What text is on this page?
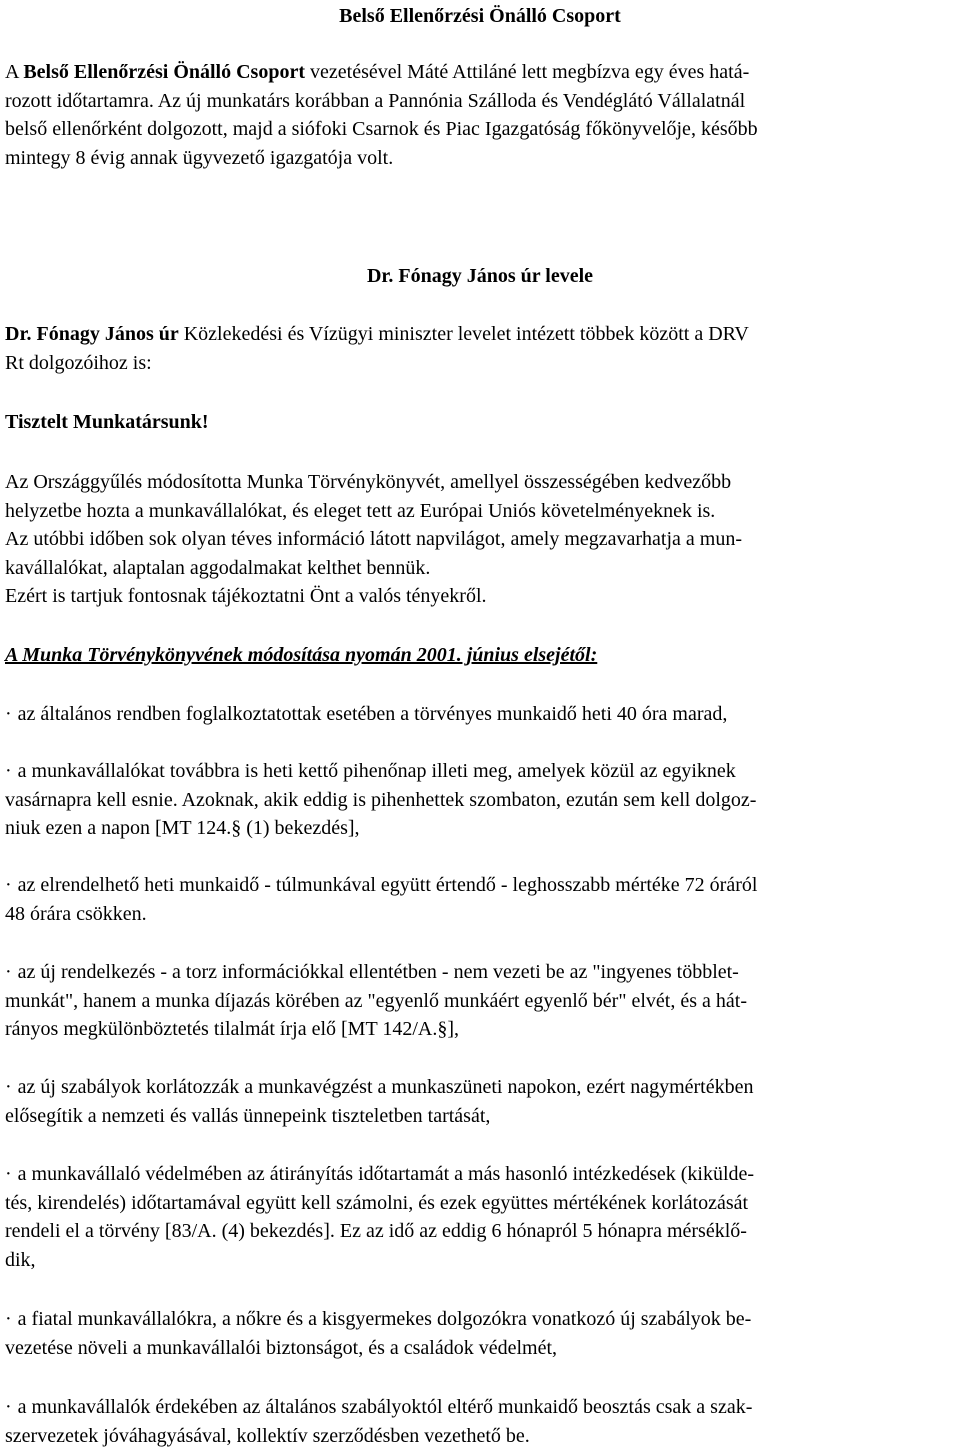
Belső Ellenőrzési Önálló Csoport

A Belső Ellenőrzési Önálló Csoport vezetésével Máté Attiláné lett megbízva egy éves hatá-
rozott időtartamra. Az új munkatárs korábban a Pannónia Szálloda és Vendéglátó Vállalatnál
belső ellenőrként dolgozott, majd a siófoki Csarnok és Piac Igazgatóság főkönyvelője, később
mintegy 8 évig annak ügyvezető igazgatója volt.

Dr. Fónagy János úr levele

Dr. Fónagy János úr Közlekedési és Vízügyi miniszter levelet intézett többek között a DRV
Rt dolgozóihoz is:

Tisztelt Munkatársunk!

Az Országgyűlés módosította Munka Törvénykönyvét, amellyel összességében kedvezőbb
helyzetbe hozta a munkavállalókat, és eleget tett az Európai Uniós követelményeknek is.
Az utóbbi időben sok olyan téves információ látott napvilágot, amely megzavarhatja a mun-
kavállalókat, alaptalan aggodalmakat kelthet bennük.
Ezért is tartjuk fontosnak tájékoztatni Önt a valós tényekről.

A Munka Törvénykönyvének módosítása nyomán 2001. június elsejétől:

· az általános rendben foglalkoztatottak esetében a törvényes munkaidő heti 40 óra marad,

· a munkavállalókat továbbra is heti kettő pihenőnap illeti meg, amelyek közül az egyiknek
vasárnapra kell esnie. Azoknak, akik eddig is pihenhettek szombaton, ezután sem kell dolgoz-
niuk ezen a napon [MT 124.§ (1) bekezdés],

· az elrendelhető heti munkaidő - túlmunkával együtt értendő - leghosszabb mértéke 72 óráról
48 órára csökken.

· az új rendelkezés - a torz információkkal ellentétben - nem vezeti be az "ingyenes többlet-
munkát", hanem a munka díjazás körében az "egyenlő munkáért egyenlő bér" elvét, és a hát-
rányos megkülönböztetés tilalmát írja elő [MT 142/A.§],

· az új szabályok korlátozzák a munkavégzést a munkaszüneti napokon, ezért nagymértékben
elősegítik a nemzeti és vallás ünnepeink tiszteletben tartását,

· a munkavállaló védelmében az átirányítás időtartamát a más hasonló intézkedések (kiküldе-
tés, kirendelés) időtartamával együtt kell számolni, és ezek együttes mértékének korlátozását
rendeli el a törvény [83/A. (4) bekezdés]. Ez az idő az eddig 6 hónapról 5 hónapra mérséklő-
dik,

· a fiatal munkavállalókra, a nőkre és a kisgyermekes dolgozókra vonatkozó új szabályok be-
vezetése növeli a munkavállalói biztonságot, és a családok védelmét,

· a munkavállalók érdekében az általános szabályoktól eltérő munkaidő beosztás csak a szak-
szervezetek jóváhagyásával, kollektív szerződésben vezethető be.
